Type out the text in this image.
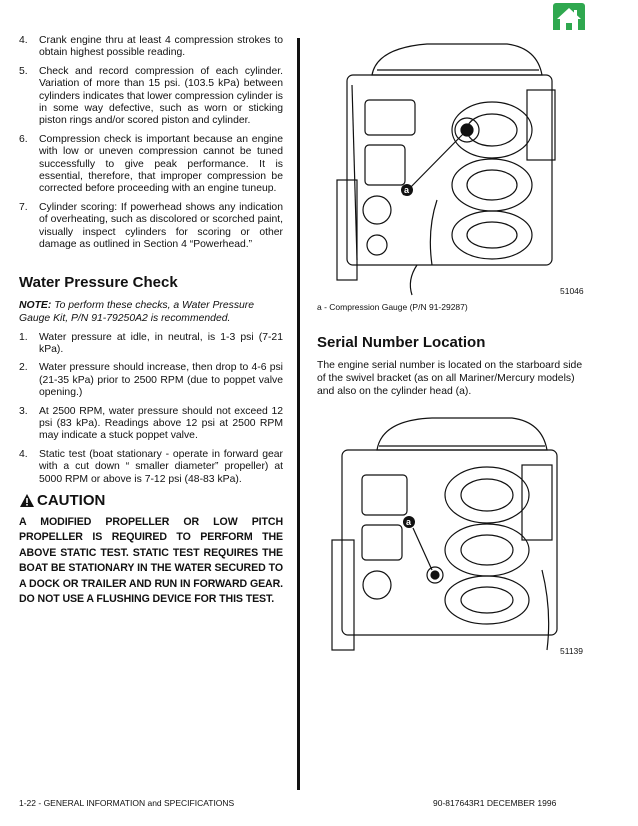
4. Crank engine thru at least 4 compression strokes to obtain highest possible reading.
5. Check and record compression of each cylinder. Variation of more than 15 psi. (103.5 kPa) between cylinders indicates that lower compression cylinder is in some way defective, such as worn or sticking piston rings and/or scored piston and cylinder.
6. Compression check is important because an engine with low or uneven compression cannot be tuned successfully to give peak performance. It is essential, therefore, that improper compression be corrected before proceeding with an engine tuneup.
7. Cylinder scoring: If powerhead shows any indication of overheating, such as discolored or scorched paint, visually inspect cylinders for scoring or other damage as outlined in Section 4 “Powerhead.”
Water Pressure Check
NOTE: To perform these checks, a Water Pressure Gauge Kit, P/N 91-79250A2 is recommended.
1. Water pressure at idle, in neutral, is 1-3 psi (7-21 kPa).
2. Water pressure should increase, then drop to 4-6 psi (21-35 kPa) prior to 2500 RPM (due to poppet valve opening.)
3. At 2500 RPM, water pressure should not exceed 12 psi (83 kPa). Readings above 12 psi at 2500 RPM may indicate a stuck poppet valve.
4. Static test (boat stationary - operate in forward gear with a cut down “ smaller diameter” propeller) at 5000 RPM or above is 7-12 psi (48-83 kPa).
CAUTION
A MODIFIED PROPELLER OR LOW PITCH PROPELLER IS REQUIRED TO PERFORM THE ABOVE STATIC TEST. STATIC TEST REQUIRES THE BOAT BE STATIONARY IN THE WATER SECURED TO A DOCK OR TRAILER AND RUN IN FORWARD GEAR. DO NOT USE A FLUSHING DEVICE FOR THIS TEST.
a
51046
a - Compression Gauge (P/N 91-29287)
Serial Number Location
The engine serial number is located on the starboard side of the swivel bracket (as on all Mariner/Mercury models) and also on the cylinder head (a).
a
51139
1-22 - GENERAL INFORMATION and SPECIFICATIONS	90-817643R1 DECEMBER 1996
